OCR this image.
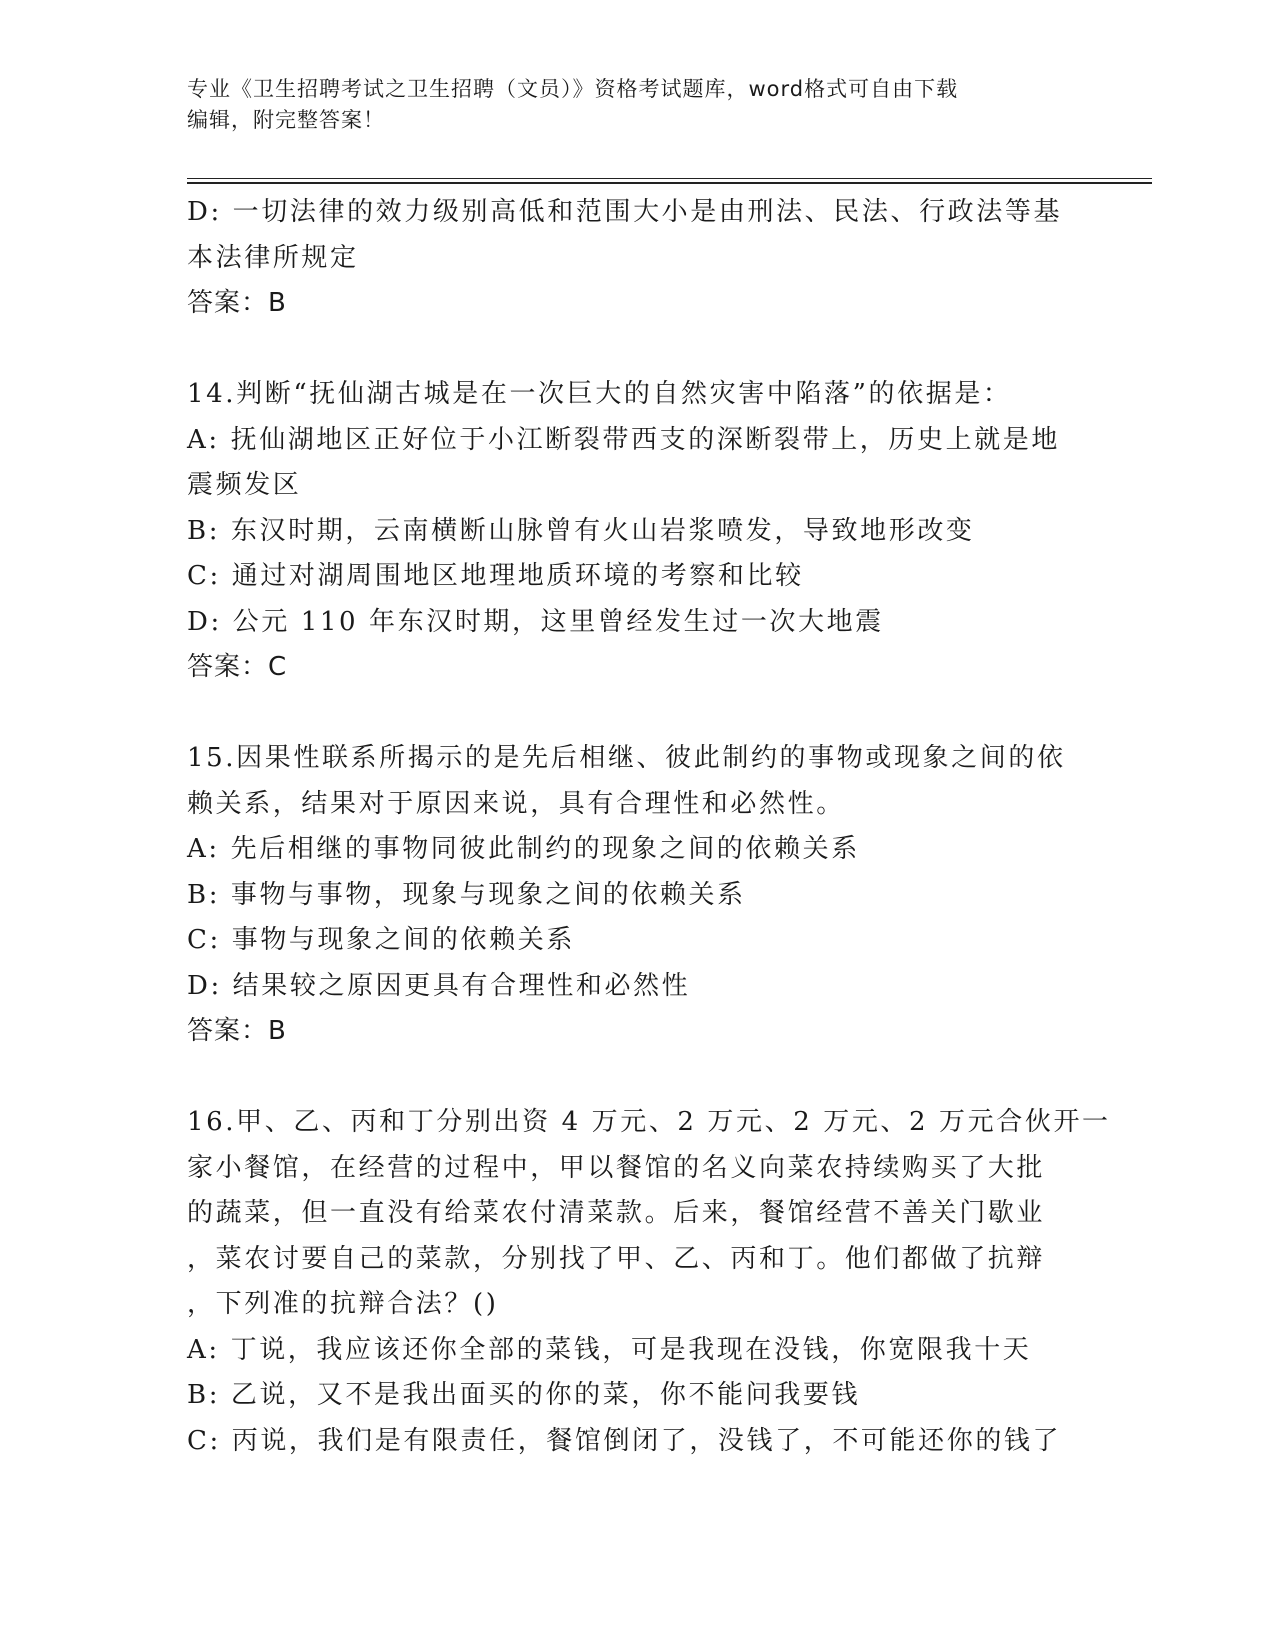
专业《卫生招聘考试之卫生招聘（文员）》资格考试题库，word格式可自由下载
编辑，附完整答案！
D: 一切法律的效力级别高低和范围大小是由刑法、民法、行政法等基
本法律所规定
答案：B
14.判断“抚仙湖古城是在一次巨大的自然灾害中陷落”的依据是：
A: 抚仙湖地区正好位于小江断裂带西支的深断裂带上，历史上就是地
震频发区
B: 东汉时期，云南横断山脉曾有火山岩浆喷发，导致地形改变
C: 通过对湖周围地区地理地质环境的考察和比较
D: 公元 110 年东汉时期，这里曾经发生过一次大地震
答案：C
15.因果性联系所揭示的是先后相继、彼此制约的事物或现象之间的依
赖关系，结果对于原因来说，具有合理性和必然性。
A: 先后相继的事物同彼此制约的现象之间的依赖关系
B: 事物与事物，现象与现象之间的依赖关系
C: 事物与现象之间的依赖关系
D: 结果较之原因更具有合理性和必然性
答案：B
16.甲、乙、丙和丁分别出资 4 万元、2 万元、2 万元、2 万元合伙开一
家小餐馆，在经营的过程中，甲以餐馆的名义向菜农持续购买了大批
的蔬菜，但一直没有给菜农付清菜款。后来，餐馆经营不善关门歇业
，菜农讨要自己的菜款，分别找了甲、乙、丙和丁。他们都做了抗辩
，下列准的抗辩合法？()
A: 丁说，我应该还你全部的菜钱，可是我现在没钱，你宽限我十天
B: 乙说，又不是我出面买的你的菜，你不能问我要钱
C: 丙说，我们是有限责任，餐馆倒闭了，没钱了，不可能还你的钱了
